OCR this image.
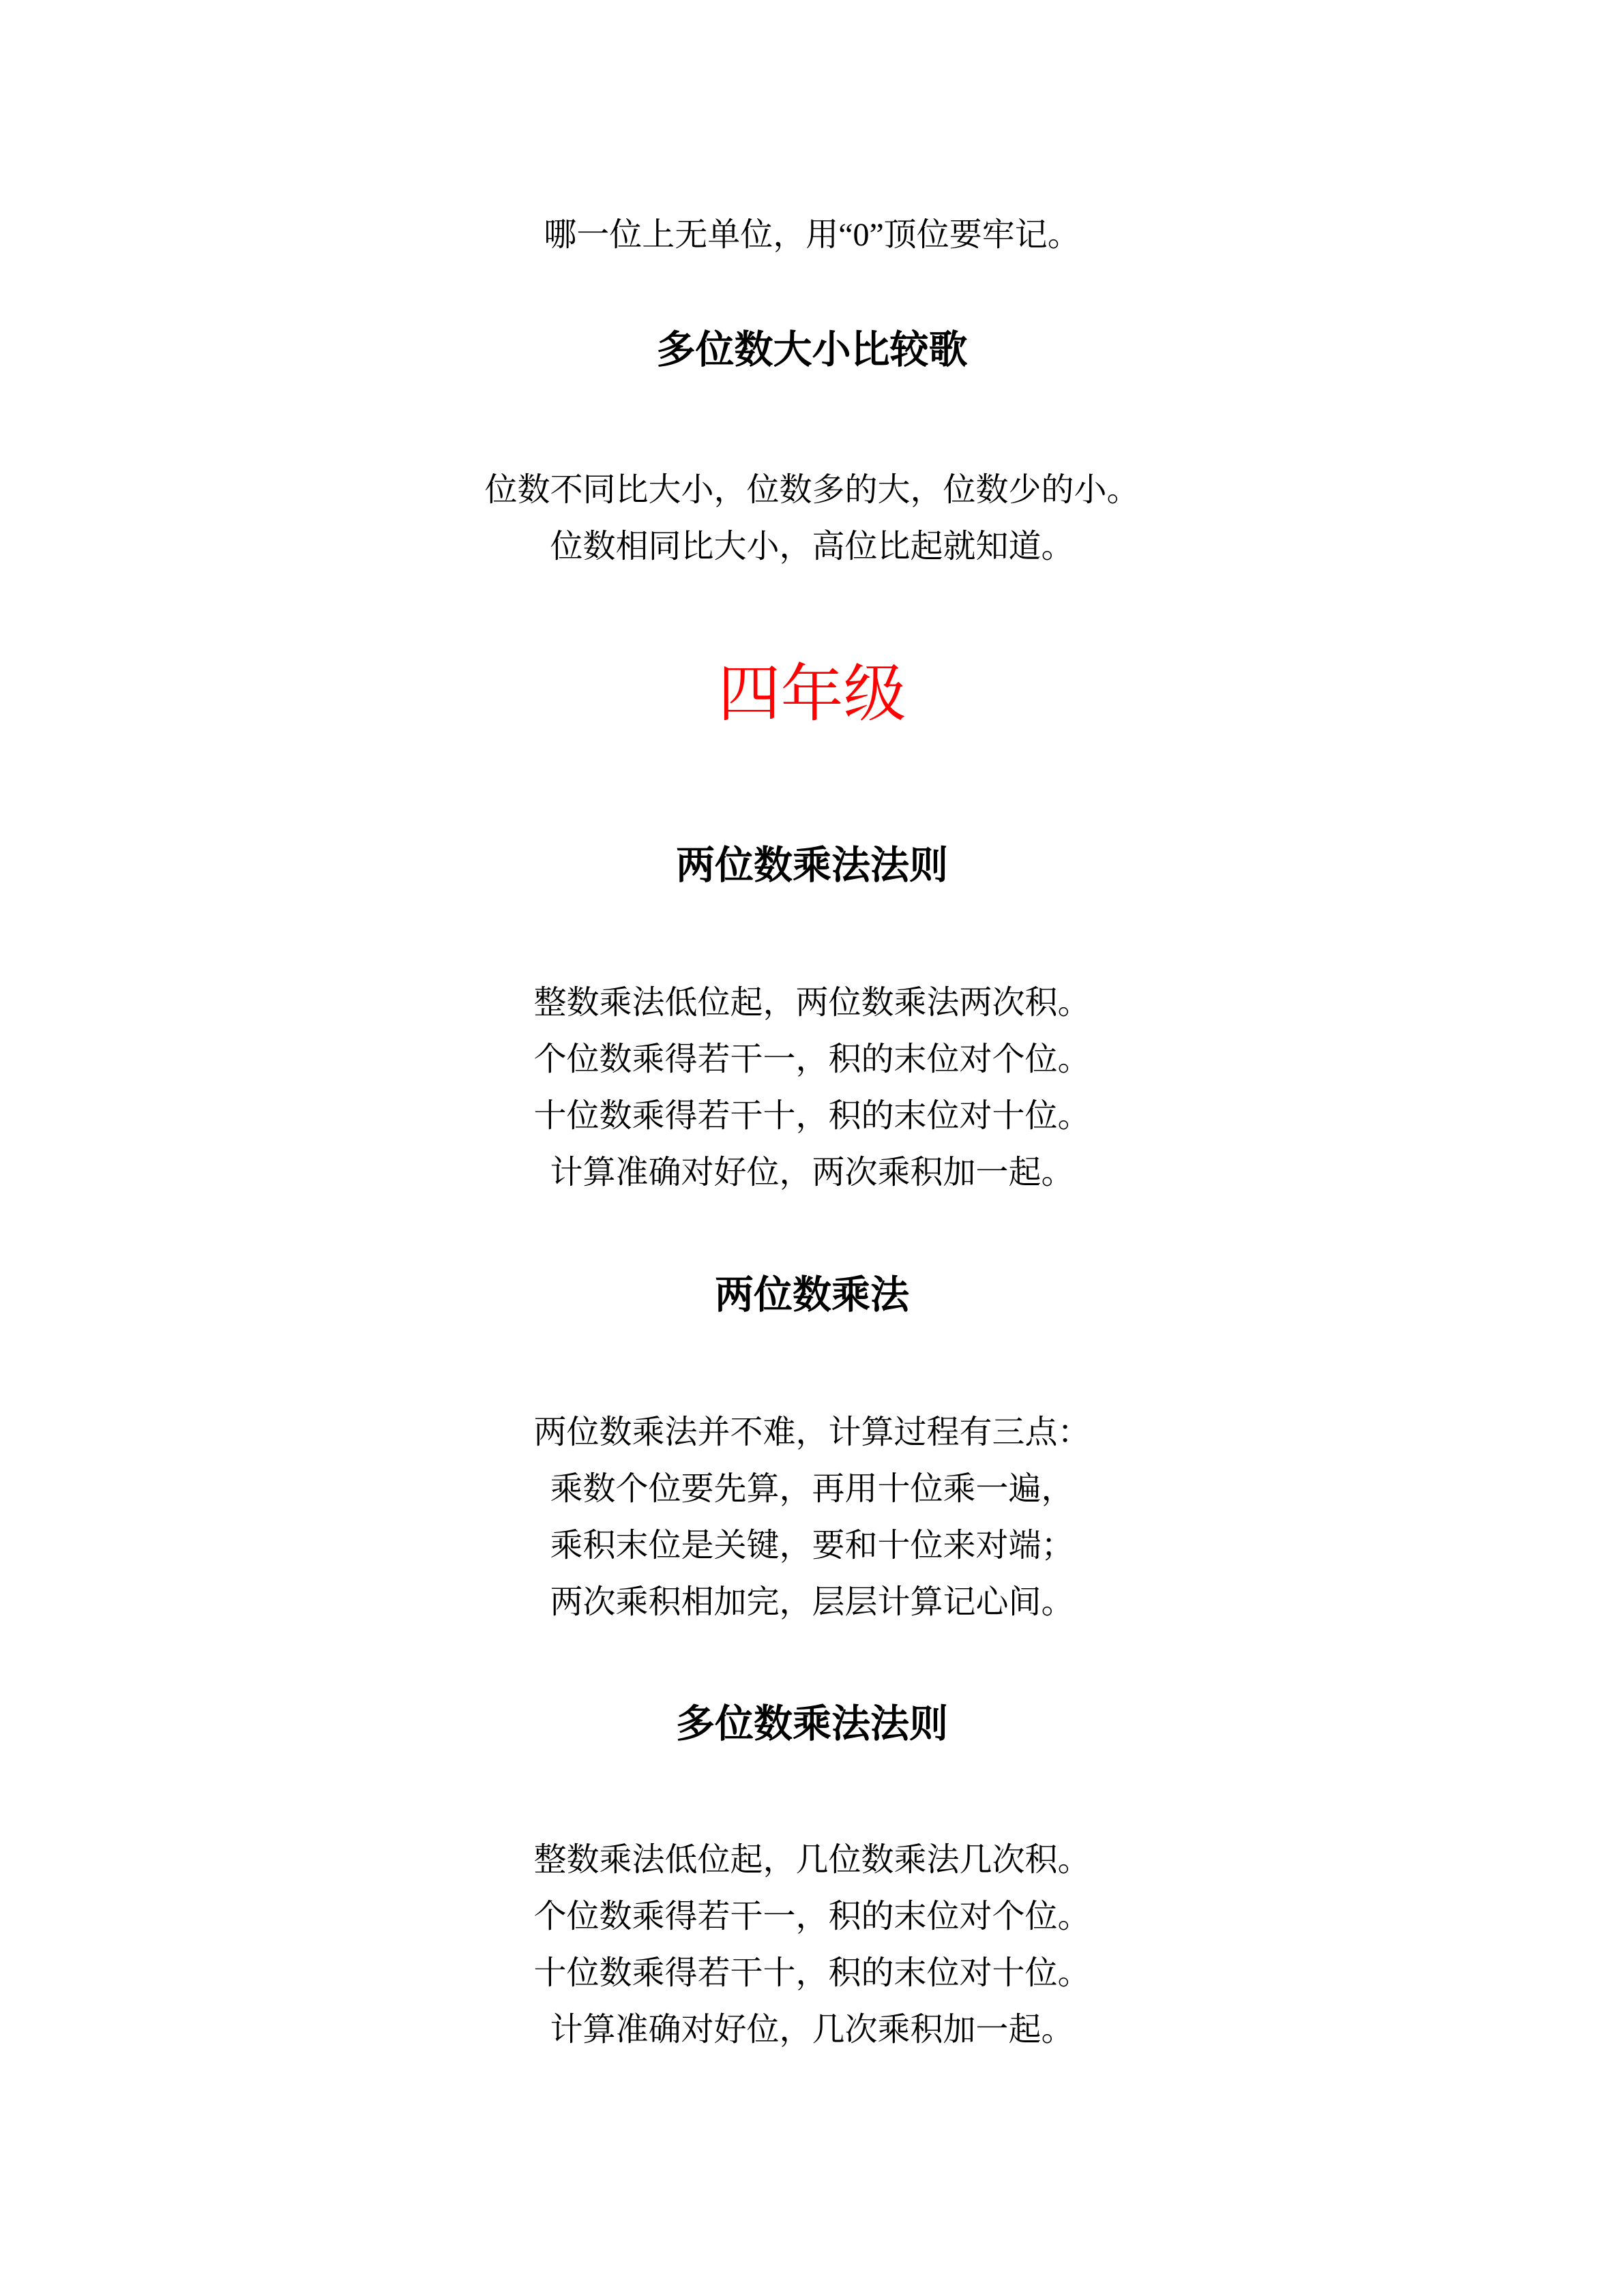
哪一位上无单位，用“0”顶位要牢记。
多位数大小比较歌
位数不同比大小，位数多的大，位数少的小。
位数相同比大小，高位比起就知道。
四年级
两位数乘法法则
整数乘法低位起，两位数乘法两次积。
个位数乘得若干一，积的末位对个位。
十位数乘得若干十，积的末位对十位。
计算准确对好位，两次乘积加一起。
两位数乘法
两位数乘法并不难，计算过程有三点：
乘数个位要先算，再用十位乘一遍，
乘积末位是关键，要和十位来对端；
两次乘积相加完，层层计算记心间。
多位数乘法法则
整数乘法低位起，几位数乘法几次积。
个位数乘得若干一，积的末位对个位。
十位数乘得若干十，积的末位对十位。
计算准确对好位，几次乘积加一起。
